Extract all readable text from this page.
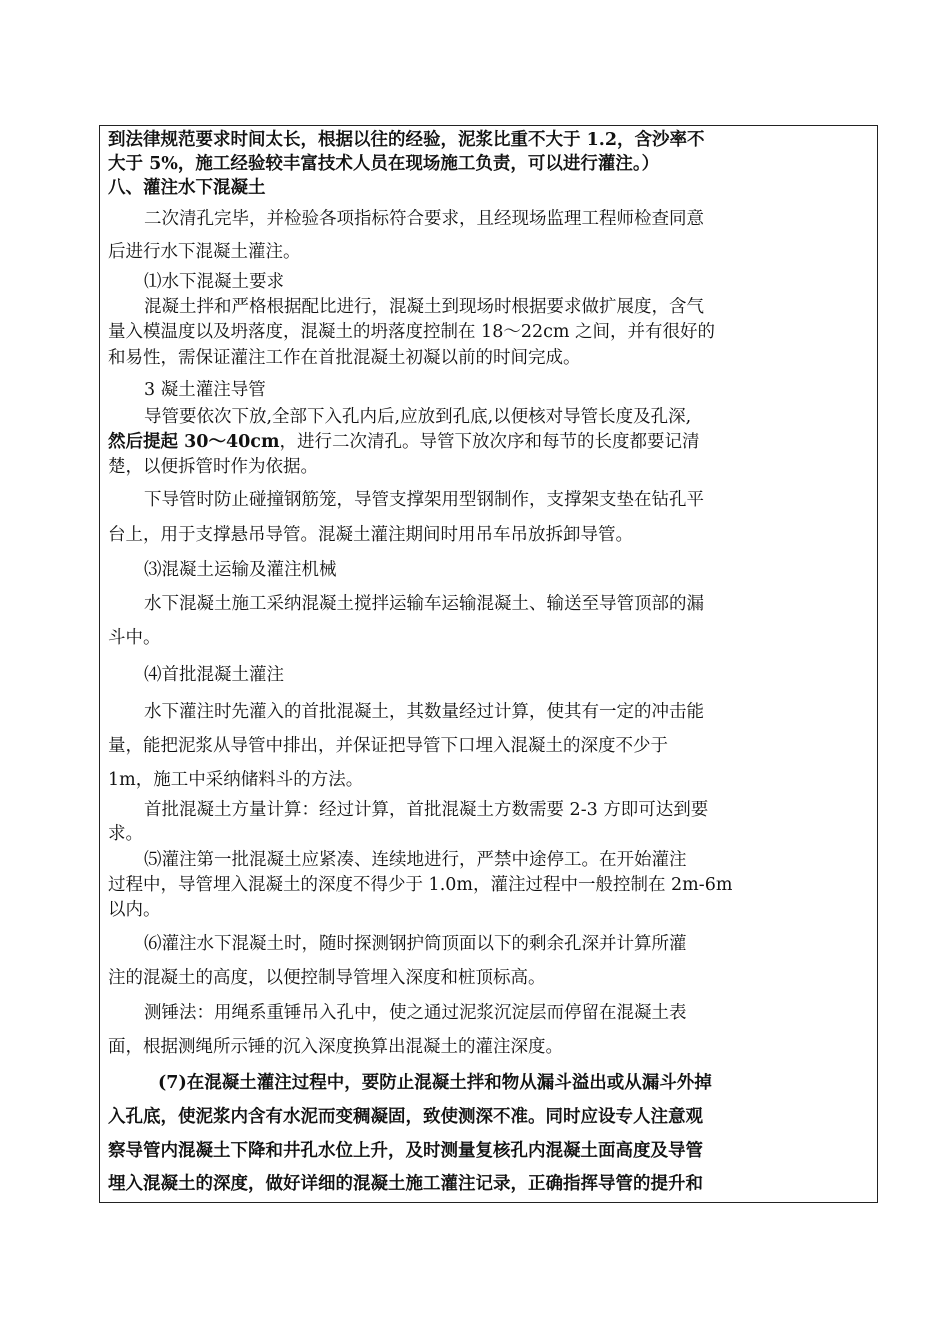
到法律规范要求时间太长，根据以往的经验，泥浆比重不大于 1.2，含沙率不
大于 5%，施工经验较丰富技术人员在现场施工负责，可以进行灌注。）
八、灌注水下混凝土
二次清孔完毕，并检验各项指标符合要求，且经现场监理工程师检查同意
后进行水下混凝土灌注。
⑴水下混凝土要求
混凝土拌和严格根据配比进行，混凝土到现场时根据要求做扩展度，含气
量入模温度以及坍落度，混凝土的坍落度控制在 18～22cm 之间，并有很好的
和易性，需保证灌注工作在首批混凝土初凝以前的时间完成。
3 凝土灌注导管
导管要依次下放,全部下入孔内后,应放到孔底,以便核对导管长度及孔深,
然后提起 30～40cm，进行二次清孔。导管下放次序和每节的长度都要记清
楚，以便拆管时作为依据。
下导管时防止碰撞钢筋笼，导管支撑架用型钢制作，支撑架支垫在钻孔平
台上，用于支撑悬吊导管。混凝土灌注期间时用吊车吊放拆卸导管。
⑶混凝土运输及灌注机械
水下混凝土施工采纳混凝土搅拌运输车运输混凝土、输送至导管顶部的漏
斗中。
⑷首批混凝土灌注
水下灌注时先灌入的首批混凝土，其数量经过计算，使其有一定的冲击能
量，能把泥浆从导管中排出，并保证把导管下口埋入混凝土的深度不少于
1m，施工中采纳储料斗的方法。
首批混凝土方量计算：经过计算，首批混凝土方数需要 2-3 方即可达到要
求。
⑸灌注第一批混凝土应紧凑、连续地进行，严禁中途停工。在开始灌注
过程中，导管埋入混凝土的深度不得少于 1.0m，灌注过程中一般控制在 2m-6m
以内。
⑹灌注水下混凝土时，随时探测钢护筒顶面以下的剩余孔深并计算所灌
注的混凝土的高度，以便控制导管埋入深度和桩顶标高。
测锤法：用绳系重锤吊入孔中，使之通过泥浆沉淀层而停留在混凝土表
面，根据测绳所示锤的沉入深度换算出混凝土的灌注深度。
(7)在混凝土灌注过程中，要防止混凝土拌和物从漏斗溢出或从漏斗外掉
入孔底，使泥浆内含有水泥而变稠凝固，致使测深不准。同时应设专人注意观
察导管内混凝土下降和井孔水位上升，及时测量复核孔内混凝土面高度及导管
埋入混凝土的深度，做好详细的混凝土施工灌注记录，正确指挥导管的提升和
